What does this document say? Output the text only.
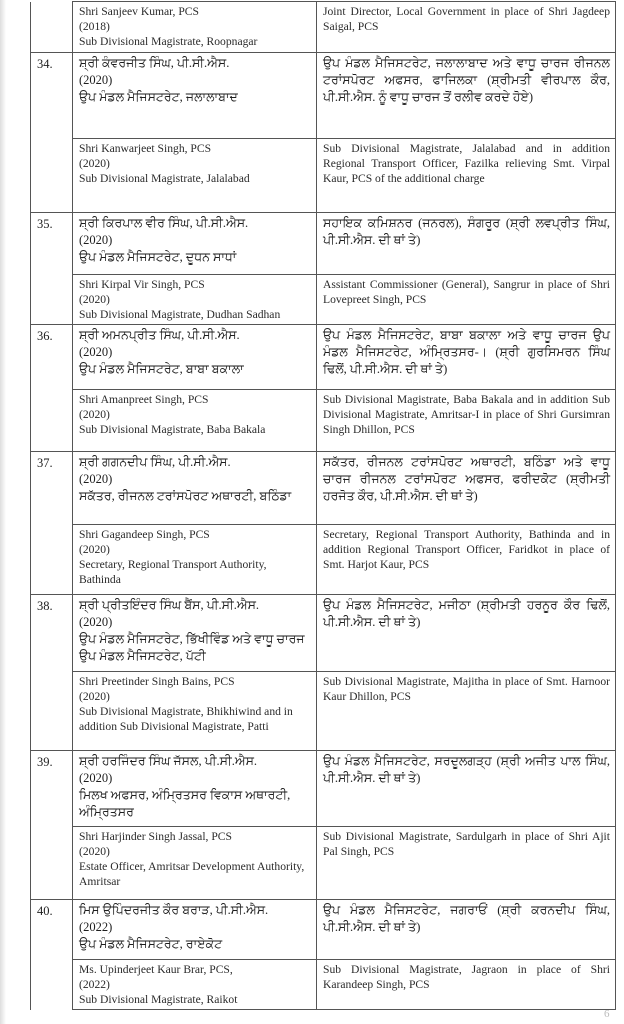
	Shri Sanjeev Kumar, PCS
(2018)
Sub Divisional Magistrate, Roopnagar	Joint Director, Local Government in place of Shri Jagdeep Saigal, PCS
34.	ਸ਼੍ਰੀ ਕੰਵਰਜੀਤ ਸਿੰਘ, ਪੀ.ਸੀ.ਐਸ.
(2020)
ਉਪ ਮੰਡਲ ਮੈਜਿਸਟਰੇਟ, ਜਲਾਲਾਬਾਦ	ਉਪ ਮੰਡਲ ਮੈਜਿਸਟਰੇਟ, ਜਲਾਲਾਬਾਦ ਅਤੇ ਵਾਧੂ ਚਾਰਜ ਰੀਜਨਲ ਟਰਾਂਸਪੋਰਟ ਅਫਸਰ, ਫਾਜਿਲਕਾ (ਸ਼੍ਰੀਮਤੀ ਵੀਰਪਾਲ ਕੌਰ, ਪੀ.ਸੀ.ਐਸ. ਨੂੰ ਵਾਧੂ ਚਾਰਜ ਤੋਂ ਰਲੀਵ ਕਰਦੇ ਹੋਏ)

	Shri Kanwarjeet Singh, PCS
(2020)
Sub Divisional Magistrate, Jalalabad	Sub Divisional Magistrate, Jalalabad and in addition Regional Transport Officer, Fazilka relieving Smt. Virpal Kaur, PCS of the additional charge
35.	ਸ਼੍ਰੀ ਕਿਰਪਾਲ ਵੀਰ ਸਿੰਘ, ਪੀ.ਸੀ.ਐਸ.
(2020)
ਉਪ ਮੰਡਲ ਮੈਜਿਸਟਰੇਟ, ਦੂਧਨ ਸਾਧਾਂ	ਸਹਾਇਕ ਕਮਿਸ਼ਨਰ (ਜਨਰਲ), ਸੰਗਰੂਰ (ਸ਼੍ਰੀ ਲਵਪ੍ਰੀਤ ਸਿੰਘ, ਪੀ.ਸੀ.ਐਸ. ਦੀ ਥਾਂ ਤੇ)

	Shri Kirpal Vir Singh, PCS
(2020)
Sub Divisional Magistrate, Dudhan Sadhan	Assistant Commissioner (General), Sangrur in place of Shri Lovepreet Singh, PCS
36.	ਸ਼੍ਰੀ ਅਮਨਪ੍ਰੀਤ ਸਿੰਘ, ਪੀ.ਸੀ.ਐਸ.
(2020)
ਉਪ ਮੰਡਲ ਮੈਜਿਸਟਰੇਟ, ਬਾਬਾ ਬਕਾਲਾ	ਉਪ ਮੰਡਲ ਮੈਜਿਸਟਰੇਟ, ਬਾਬਾ ਬਕਾਲਾ ਅਤੇ ਵਾਧੂ ਚਾਰਜ ਉਪ ਮੰਡਲ ਮੈਜਿਸਟਰੇਟ, ਅੰਮ੍ਰਿਤਸਰ-। (ਸ਼੍ਰੀ ਗੁਰਸਿਮਰਨ ਸਿੰਘ ਢਿਲੋਂ, ਪੀ.ਸੀ.ਐਸ. ਦੀ ਥਾਂ ਤੇ)

	Shri Amanpreet Singh, PCS
(2020)
Sub Divisional Magistrate, Baba Bakala	Sub Divisional Magistrate, Baba Bakala and in addition Sub Divisional Magistrate, Amritsar-I in place of Shri Gursimran Singh Dhillon, PCS
37.	ਸ਼੍ਰੀ ਗਗਨਦੀਪ ਸਿੰਘ, ਪੀ.ਸੀ.ਐਸ.
(2020)
ਸਕੱਤਰ, ਰੀਜਨਲ ਟਰਾਂਸਪੋਰਟ ਅਥਾਰਟੀ, ਬਠਿੰਡਾ	ਸਕੱਤਰ, ਰੀਜਨਲ ਟਰਾਂਸਪੋਰਟ ਅਥਾਰਟੀ, ਬਠਿੰਡਾ ਅਤੇ ਵਾਧੂ ਚਾਰਜ ਰੀਜਨਲ ਟਰਾਂਸਪੋਰਟ ਅਫਸਰ, ਫਰੀਦਕੋਟ (ਸ਼੍ਰੀਮਤੀ ਹਰਜੋਤ ਕੌਰ, ਪੀ.ਸੀ.ਐਸ. ਦੀ ਥਾਂ ਤੇ)

	Shri Gagandeep Singh, PCS
(2020)
Secretary, Regional Transport Authority, Bathinda	Secretary, Regional Transport Authority, Bathinda and in addition Regional Transport Officer, Faridkot in place of Smt. Harjot Kaur, PCS
38.	ਸ਼੍ਰੀ ਪ੍ਰੀਤਇੰਦਰ ਸਿੰਘ ਬੈਂਸ, ਪੀ.ਸੀ.ਐਸ.
(2020)
ਉਪ ਮੰਡਲ ਮੈਜਿਸਟਰੇਟ, ਭਿੱਖੀਵਿੰਡ ਅਤੇ ਵਾਧੂ ਚਾਰਜ ਉਪ ਮੰਡਲ ਮੈਜਿਸਟਰੇਟ, ਪੱਟੀ	ਉਪ ਮੰਡਲ ਮੈਜਿਸਟਰੇਟ, ਮਜੀਠਾ (ਸ਼੍ਰੀਮਤੀ ਹਰਨੂਰ ਕੌਰ ਢਿਲੋਂ, ਪੀ.ਸੀ.ਐਸ. ਦੀ ਥਾਂ ਤੇ)

	Shri Preetinder Singh Bains, PCS
(2020)
Sub Divisional Magistrate, Bhikhiwind and in addition Sub Divisional Magistrate, Patti	Sub Divisional Magistrate, Majitha in place of Smt. Harnoor Kaur Dhillon, PCS
39.	ਸ਼੍ਰੀ ਹਰਜਿੰਦਰ ਸਿੰਘ ਜੱਸਲ, ਪੀ.ਸੀ.ਐਸ.
(2020)
ਮਿਲਖ ਅਫਸਰ, ਅੰਮ੍ਰਿਤਸਰ ਵਿਕਾਸ ਅਥਾਰਟੀ, ਅੰਮ੍ਰਿਤਸਰ	ਉਪ ਮੰਡਲ ਮੈਜਿਸਟਰੇਟ, ਸਰਦੂਲਗੜ੍ਹ (ਸ਼੍ਰੀ ਅਜੀਤ ਪਾਲ ਸਿੰਘ, ਪੀ.ਸੀ.ਐਸ. ਦੀ ਥਾਂ ਤੇ)

	Shri Harjinder Singh Jassal, PCS
(2020)
Estate Officer, Amritsar Development Authority, Amritsar	Sub Divisional Magistrate, Sardulgarh in place of Shri Ajit Pal Singh, PCS
40.	ਮਿਸ ਉਪਿੰਦਰਜੀਤ ਕੌਰ ਬਰਾੜ, ਪੀ.ਸੀ.ਐਸ.
(2022)
ਉਪ ਮੰਡਲ ਮੈਜਿਸਟਰੇਟ, ਰਾਏਕੋਟ	ਉਪ ਮੰਡਲ ਮੈਜਿਸਟਰੇਟ, ਜਗਰਾਓਂ (ਸ਼੍ਰੀ ਕਰਨਦੀਪ ਸਿੰਘ, ਪੀ.ਸੀ.ਐਸ. ਦੀ ਥਾਂ ਤੇ)

	Ms. Upinderjeet Kaur Brar, PCS,
(2022)
Sub Divisional Magistrate, Raikot	Sub Divisional Magistrate, Jagraon in place of Shri Karandeep Singh, PCS
6
